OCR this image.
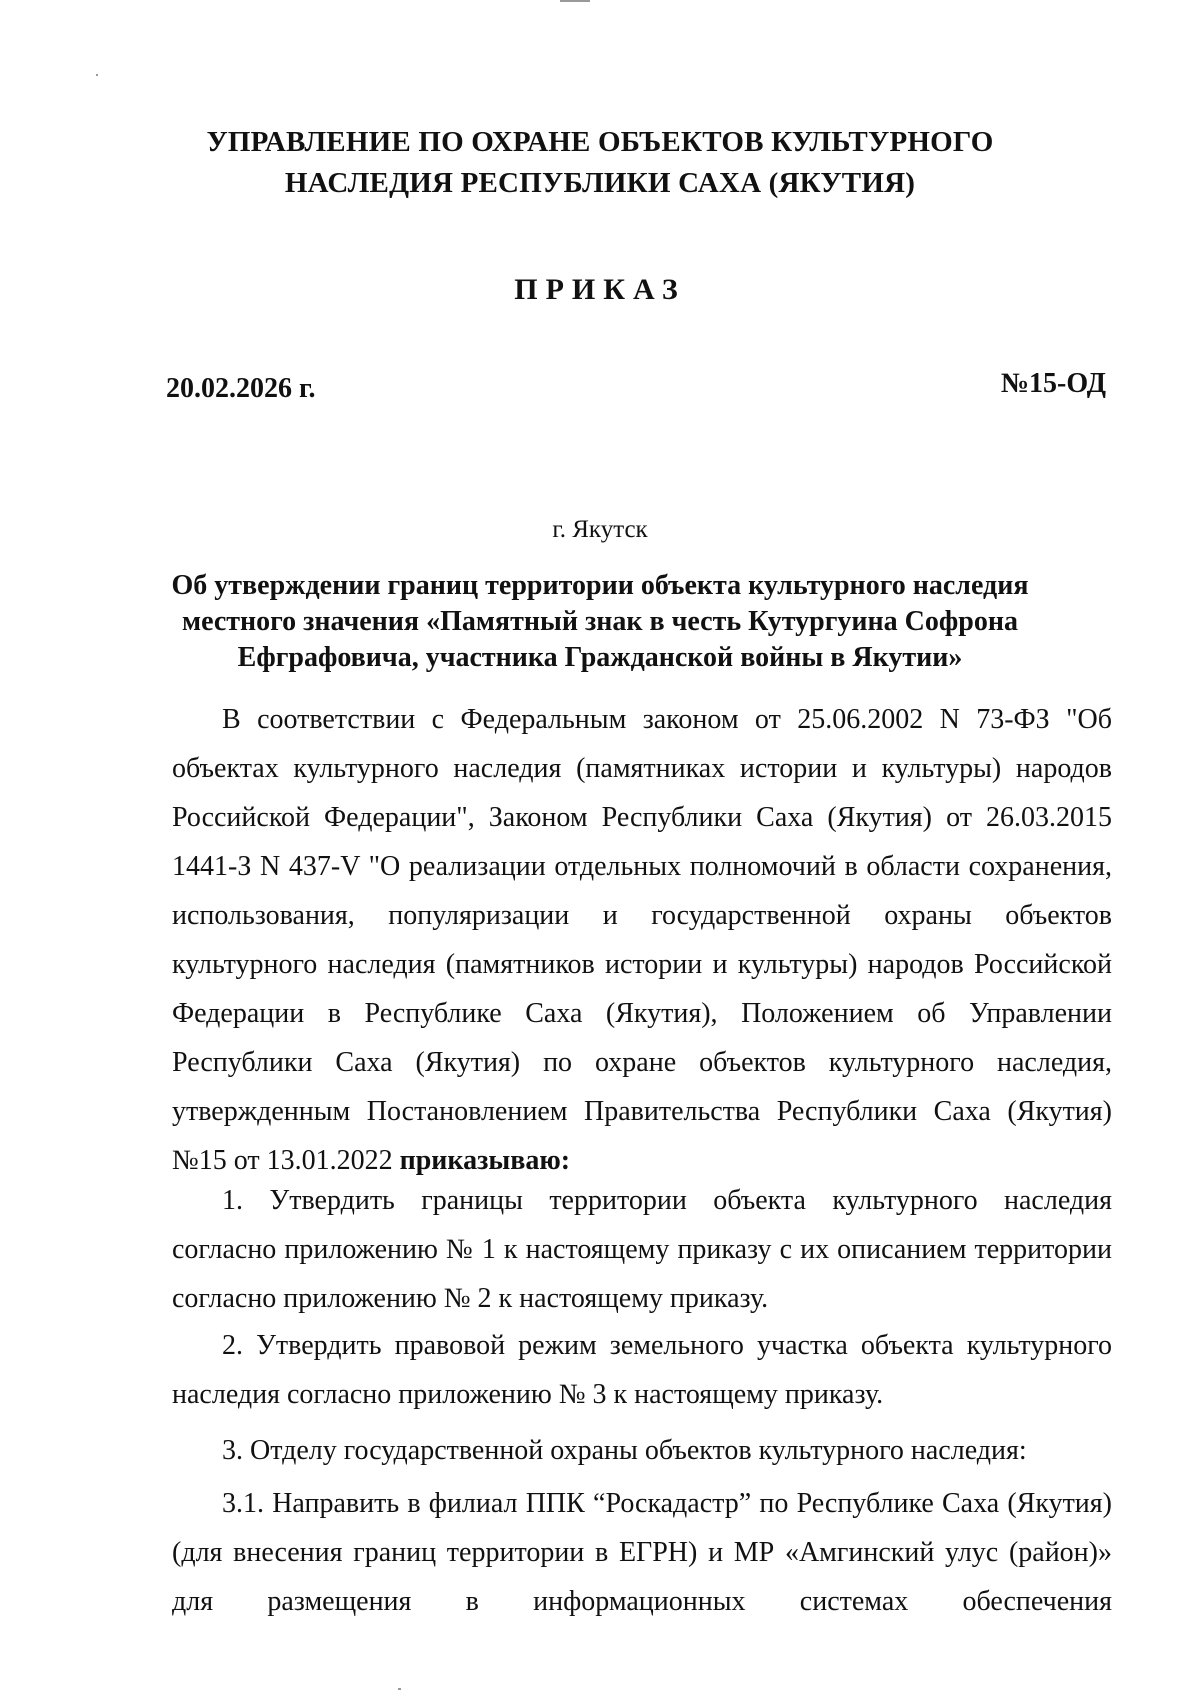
УПРАВЛЕНИЕ ПО ОХРАНЕ ОБЪЕКТОВ КУЛЬТУРНОГО
НАСЛЕДИЯ РЕСПУБЛИКИ САХА (ЯКУТИЯ)
ПРИКАЗ
20.02.2026 г.	№15-ОД
г. Якутск
Об утверждении границ территории объекта культурного наследия
местного значения «Памятный знак в честь Кутургуина Софрона
Ефграфовича, участника Гражданской войны в Якутии»
В соответствии с Федеральным законом от 25.06.2002 N 73-ФЗ "Об
объектах культурного наследия (памятниках истории и культуры) народов
Российской Федерации", Законом Республики Саха (Якутия) от 26.03.2015
1441-З N 437-V "О реализации отдельных полномочий в области сохранения,
использования, популяризации и государственной охраны объектов
культурного наследия (памятников истории и культуры) народов Российской
Федерации в Республике Саха (Якутия), Положением об Управлении
Республики Саха (Якутия) по охране объектов культурного наследия,
утвержденным Постановлением Правительства Республики Саха (Якутия)
№15 от 13.01.2022 приказываю:
1. Утвердить границы территории объекта культурного наследия
согласно приложению № 1 к настоящему приказу с их описанием территории
согласно приложению № 2 к настоящему приказу.
2. Утвердить правовой режим земельного участка объекта культурного
наследия согласно приложению № 3 к настоящему приказу.
3. Отделу государственной охраны объектов культурного наследия:
3.1. Направить в филиал ППК “Роскадастр” по Республике Саха (Якутия)
(для внесения границ территории в ЕГРН) и МР «Амгинский улус (район)»
для размещения в информационных системах обеспечения
